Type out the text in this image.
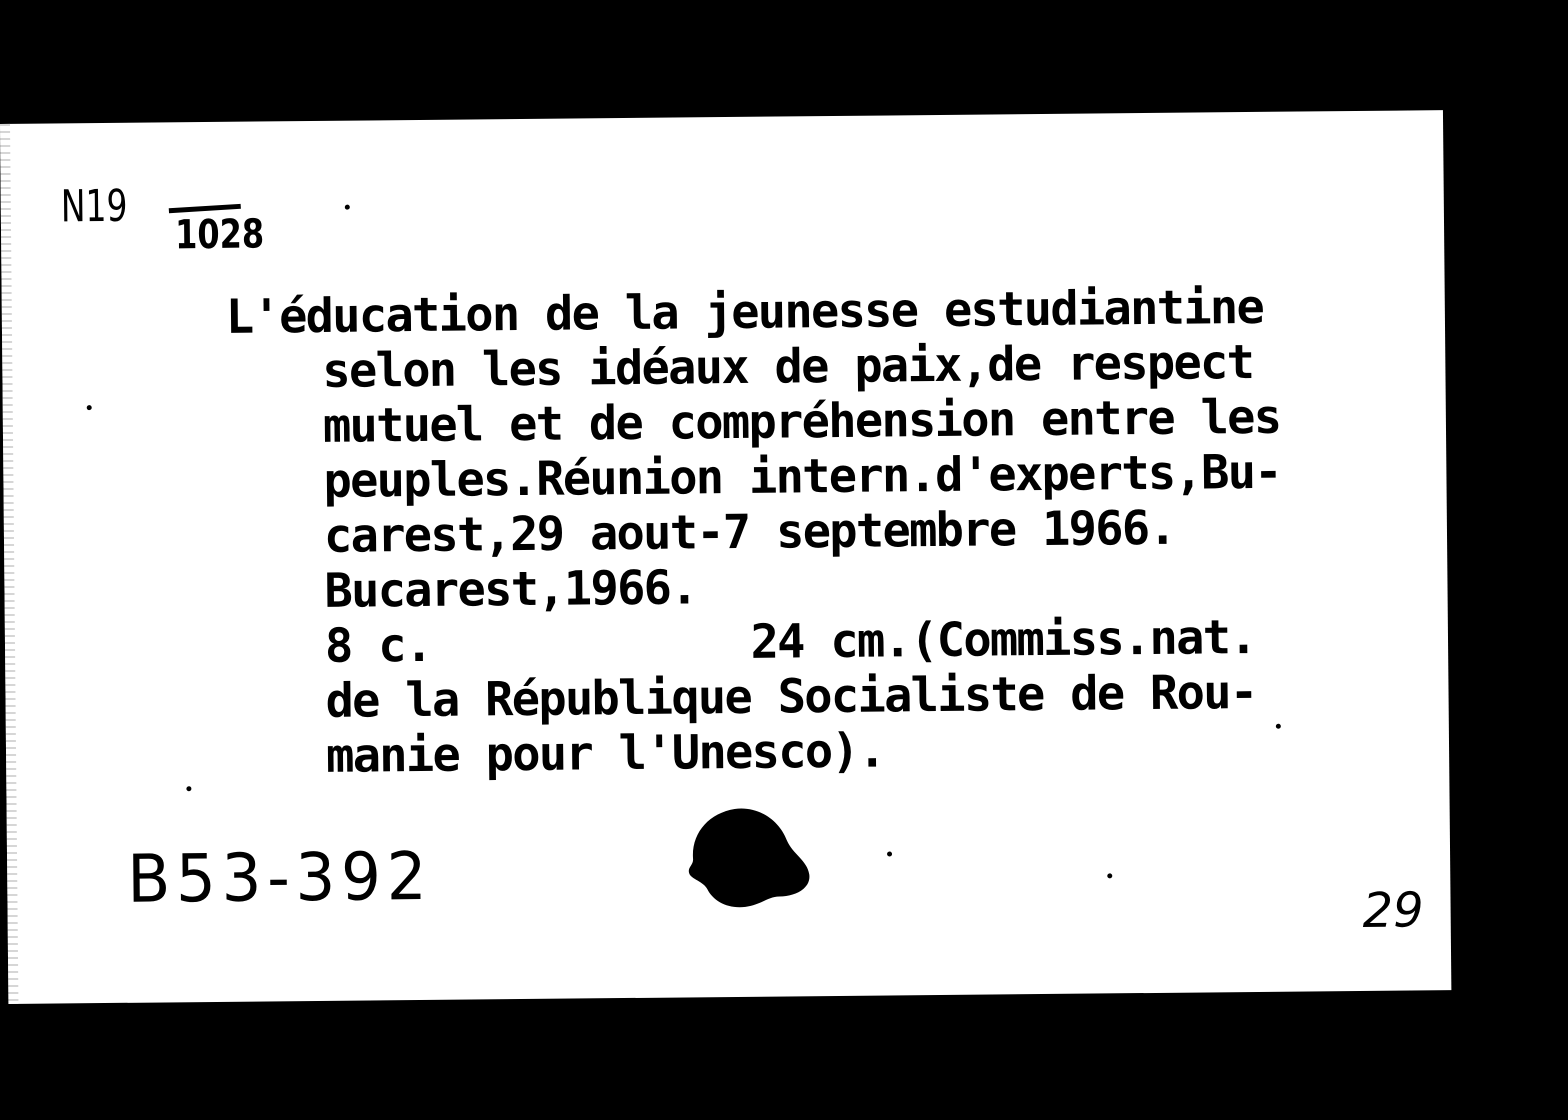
N19
1028
L'éducation de la jeunesse estudiantine
selon les idéaux de paix,de respect
mutuel et de compréhension entre les
peuples.Réunion intern.d'experts,Bu-
carest,29 aout-7 septembre 1966.
Bucarest,1966.
8 c.            24 cm.(Commiss.nat.
de la République Socialiste de Rou-
manie pour l'Unesco).
B53-392	29
